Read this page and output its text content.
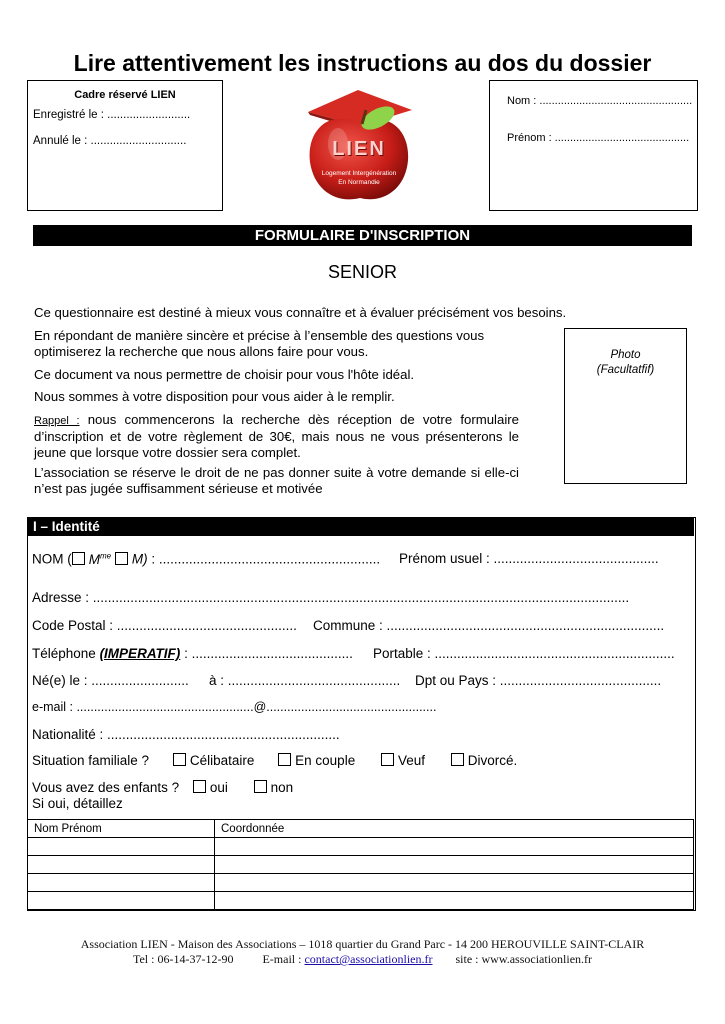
Lire attentivement les instructions au dos du dossier
Cadre réservé LIEN
Enregistré le : ..........................
Annulé le : ..............................	LIEN
Logement Intergénération
En Normandie
Nom : ..................................................
Prénom : ............................................
FORMULAIRE D'INSCRIPTION
SENIOR
Ce questionnaire est destiné à mieux vous connaître et à évaluer précisément vos besoins.
En répondant de manière sincère et précise à l’ensemble des questions vous optimiserez la recherche que nous allons faire pour vous.
Ce document va nous permettre de choisir pour vous l'hôte idéal.
Nous sommes à votre disposition pour vous aider à le remplir.
Rappel : nous commencerons la recherche dès réception de votre formulaire d’inscription et de votre règlement de 30€, mais nous ne vous présenterons le jeune que lorsque votre dossier sera complet.
L’association se réserve le droit de ne pas donner suite à votre demande si elle-ci n’est pas jugée suffisamment sérieuse et motivée
Photo
(Facultatfif)
I – Identité
NOM ( $M^{me}$ M) : ........................................................... Prénom usuel : ............................................
Adresse : ...............................................................................................................................................
Code Postal : ................................................ Commune : ..........................................................................
Téléphone (IMPERATIF) : ........................................... Portable : ................................................................
Né(e) le : .......................... à : .............................................. Dpt ou Pays : ...........................................
e-mail : ...................................................@.................................................
Nationalité : ..............................................................
Situation familiale ?	Célibataire	En couple	Veuf	Divorcé.
Vous avez des enfants ? oui	non
Si oui, détaillez
Nom Prénom	Coordonnée

Association LIEN - Maison des Associations – 1018 quartier du Grand Parc - 14 200 HEROUVILLE SAINT-CLAIR
Tel : 06-14-37-12-90 E-mail : contact@associationlien.fr site : www.associationlien.fr
